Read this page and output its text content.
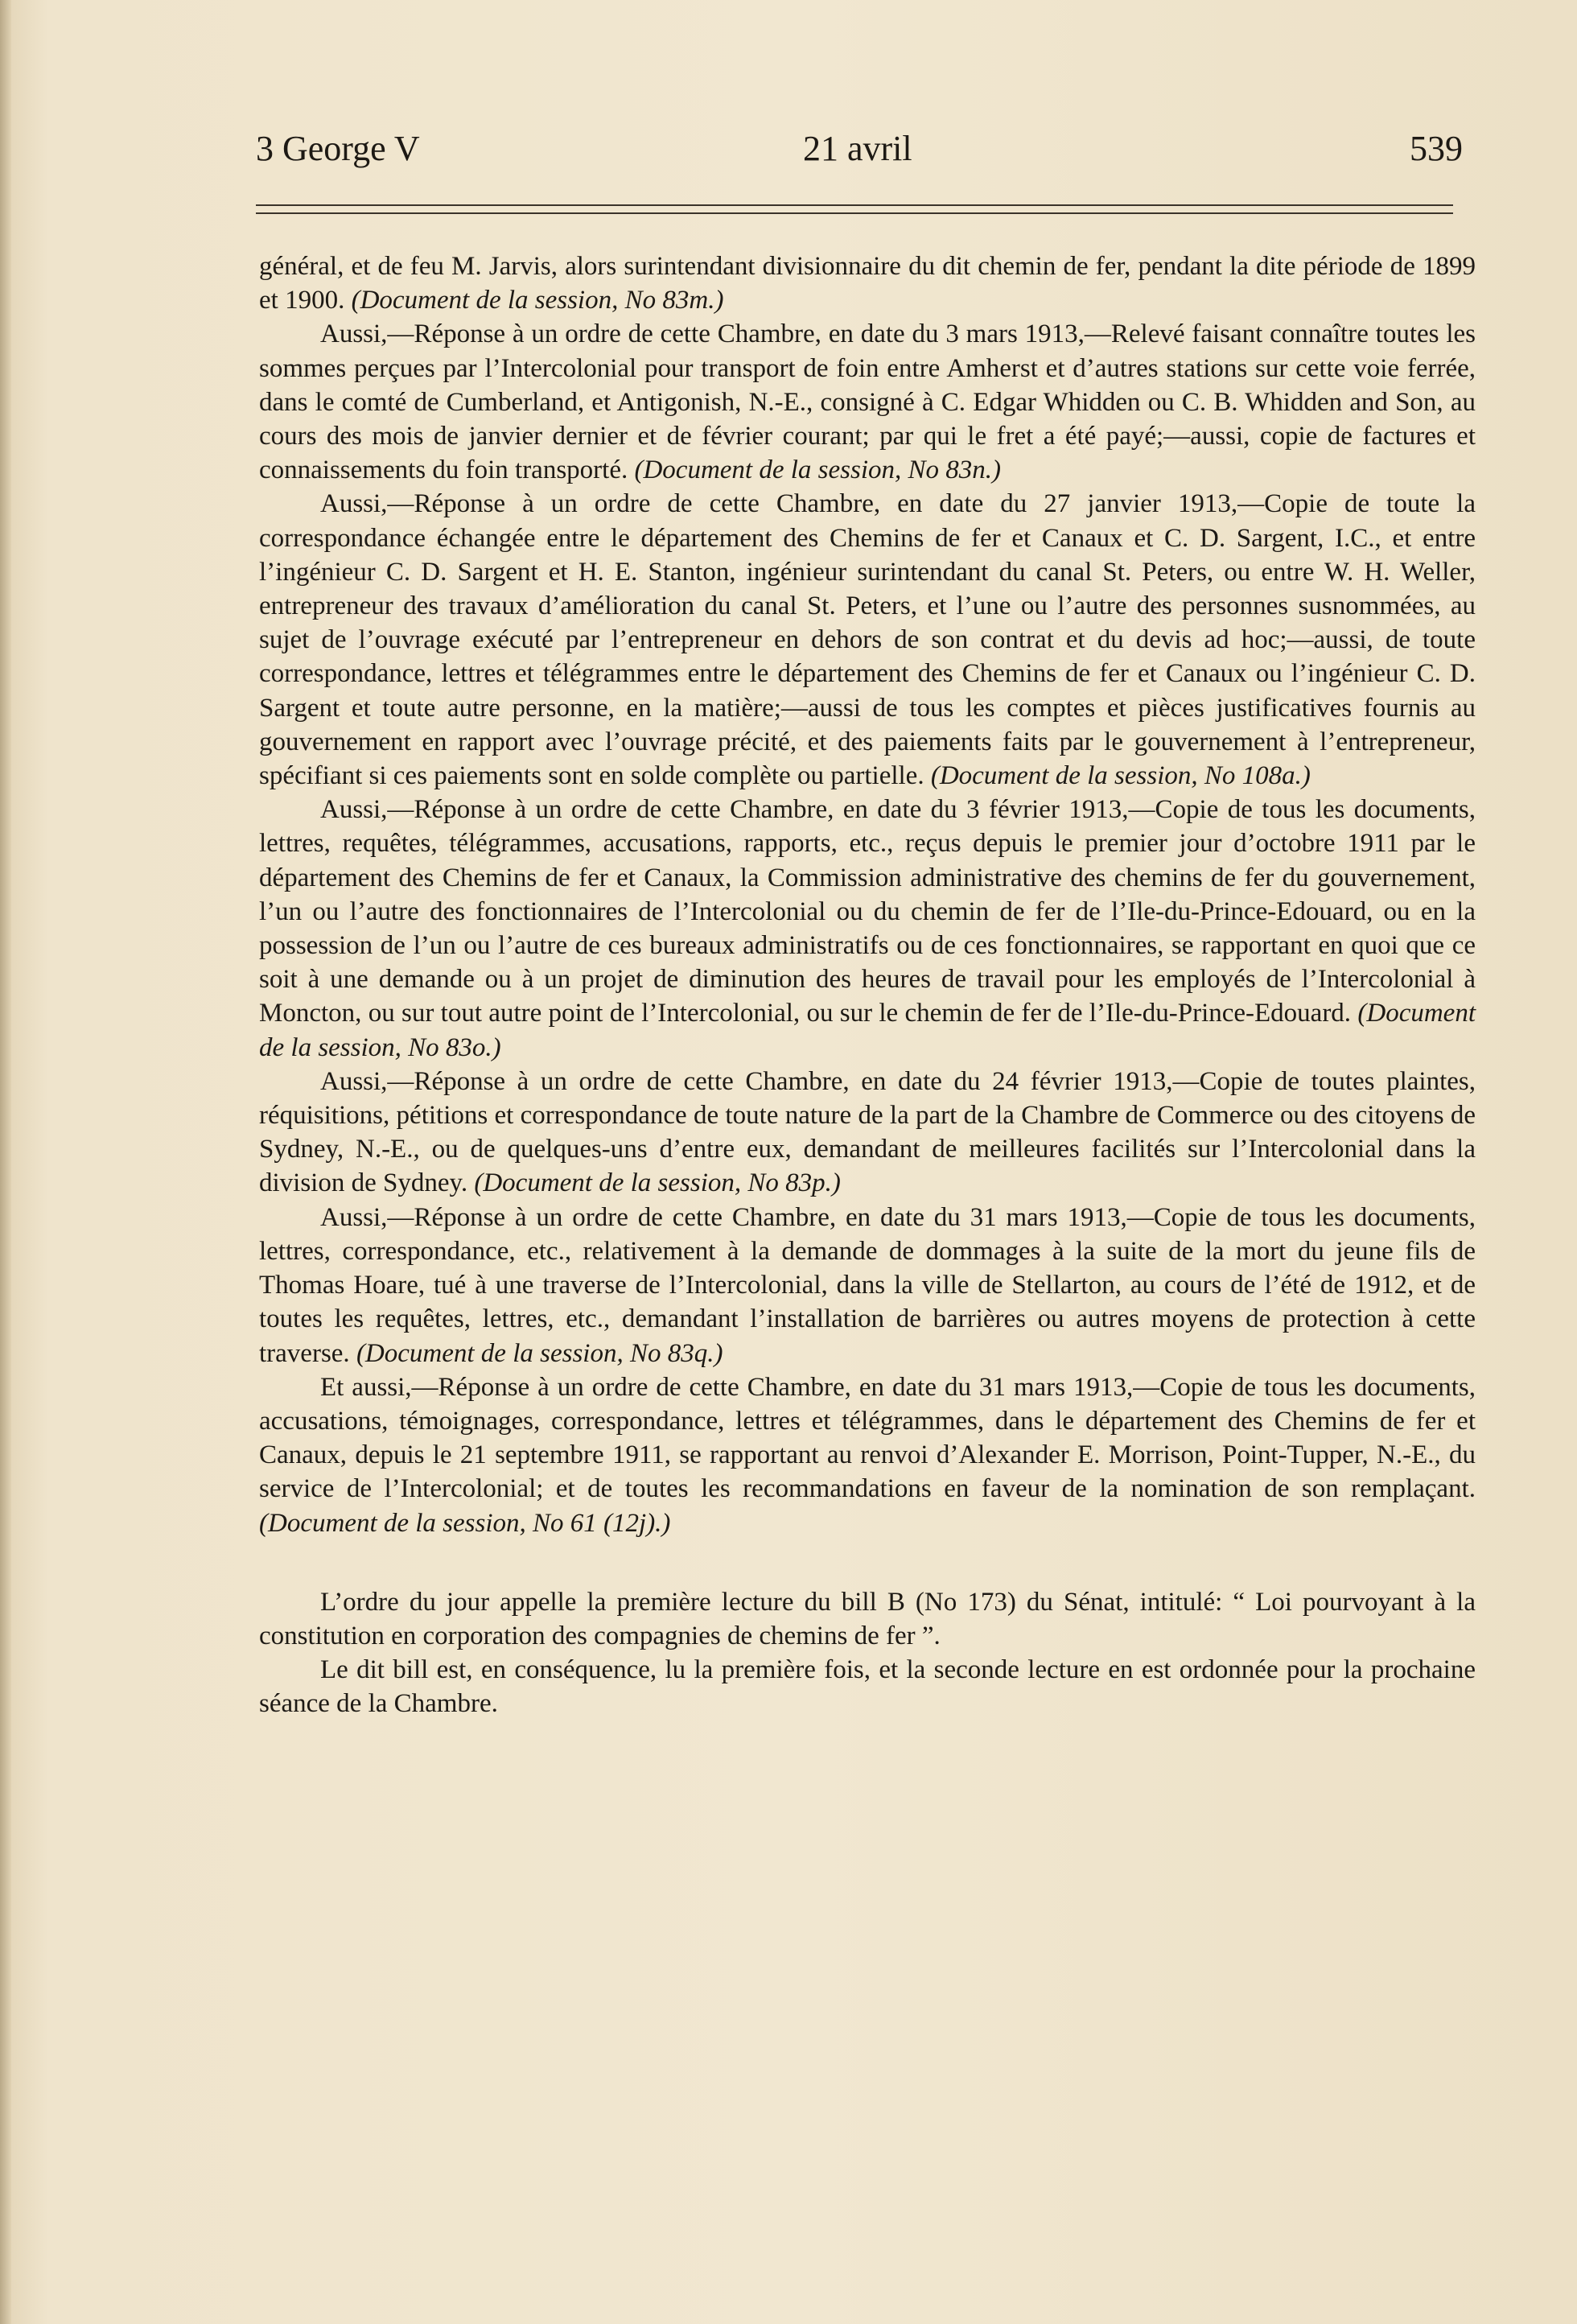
3 George V	21 avril	539

général, et de feu M. Jarvis, alors surintendant divisionnaire du dit chemin de fer, pendant la dite période de 1899 et 1900. (Document de la session, No 83m.)

Aussi,—Réponse à un ordre de cette Chambre, en date du 3 mars 1913,—Relevé faisant connaître toutes les sommes perçues par l’Intercolonial pour transport de foin entre Amherst et d’autres stations sur cette voie ferrée, dans le comté de Cumberland, et Antigonish, N.-E., consigné à C. Edgar Whidden ou C. B. Whidden and Son, au cours des mois de janvier dernier et de février courant; par qui le fret a été payé;—aussi, copie de factures et connaissements du foin transporté. (Document de la session, No 83n.)

Aussi,—Réponse à un ordre de cette Chambre, en date du 27 janvier 1913,—Copie de toute la correspondance échangée entre le département des Chemins de fer et Canaux et C. D. Sargent, I.C., et entre l’ingénieur C. D. Sargent et H. E. Stanton, ingénieur surintendant du canal St. Peters, ou entre W. H. Weller, entrepreneur des travaux d’amélioration du canal St. Peters, et l’une ou l’autre des personnes susnommées, au sujet de l’ouvrage exécuté par l’entrepreneur en dehors de son contrat et du devis ad hoc;—aussi, de toute correspondance, lettres et télégrammes entre le département des Chemins de fer et Canaux ou l’ingénieur C. D. Sargent et toute autre personne, en la matière;—aussi de tous les comptes et pièces justificatives fournis au gouvernement en rapport avec l’ouvrage précité, et des paiements faits par le gouvernement à l’entrepreneur, spécifiant si ces paiements sont en solde complète ou partielle. (Document de la session, No 108a.)

Aussi,—Réponse à un ordre de cette Chambre, en date du 3 février 1913,—Copie de tous les documents, lettres, requêtes, télégrammes, accusations, rapports, etc., reçus depuis le premier jour d’octobre 1911 par le département des Chemins de fer et Canaux, la Commission administrative des chemins de fer du gouvernement, l’un ou l’autre des fonctionnaires de l’Intercolonial ou du chemin de fer de l’Ile-du-Prince-Edouard, ou en la possession de l’un ou l’autre de ces bureaux administratifs ou de ces fonctionnaires, se rapportant en quoi que ce soit à une demande ou à un projet de diminution des heures de travail pour les employés de l’Intercolonial à Moncton, ou sur tout autre point de l’Intercolonial, ou sur le chemin de fer de l’Ile-du-Prince-Edouard. (Document de la session, No 83o.)

Aussi,—Réponse à un ordre de cette Chambre, en date du 24 février 1913,—Copie de toutes plaintes, réquisitions, pétitions et correspondance de toute nature de la part de la Chambre de Commerce ou des citoyens de Sydney, N.-E., ou de quelques-uns d’entre eux, demandant de meilleures facilités sur l’Intercolonial dans la division de Sydney. (Document de la session, No 83p.)

Aussi,—Réponse à un ordre de cette Chambre, en date du 31 mars 1913,—Copie de tous les documents, lettres, correspondance, etc., relativement à la demande de dommages à la suite de la mort du jeune fils de Thomas Hoare, tué à une traverse de l’Intercolonial, dans la ville de Stellarton, au cours de l’été de 1912, et de toutes les requêtes, lettres, etc., demandant l’installation de barrières ou autres moyens de protection à cette traverse. (Document de la session, No 83q.)

Et aussi,—Réponse à un ordre de cette Chambre, en date du 31 mars 1913,—Copie de tous les documents, accusations, témoignages, correspondance, lettres et télégrammes, dans le département des Chemins de fer et Canaux, depuis le 21 septembre 1911, se rapportant au renvoi d’Alexander E. Morrison, Point-Tupper, N.-E., du service de l’Intercolonial; et de toutes les recommandations en faveur de la nomination de son remplaçant. (Document de la session, No 61 (12j).)

L’ordre du jour appelle la première lecture du bill B (No 173) du Sénat, intitulé: “ Loi pourvoyant à la constitution en corporation des compagnies de chemins de fer ”.

Le dit bill est, en conséquence, lu la première fois, et la seconde lecture en est ordonnée pour la prochaine séance de la Chambre.
